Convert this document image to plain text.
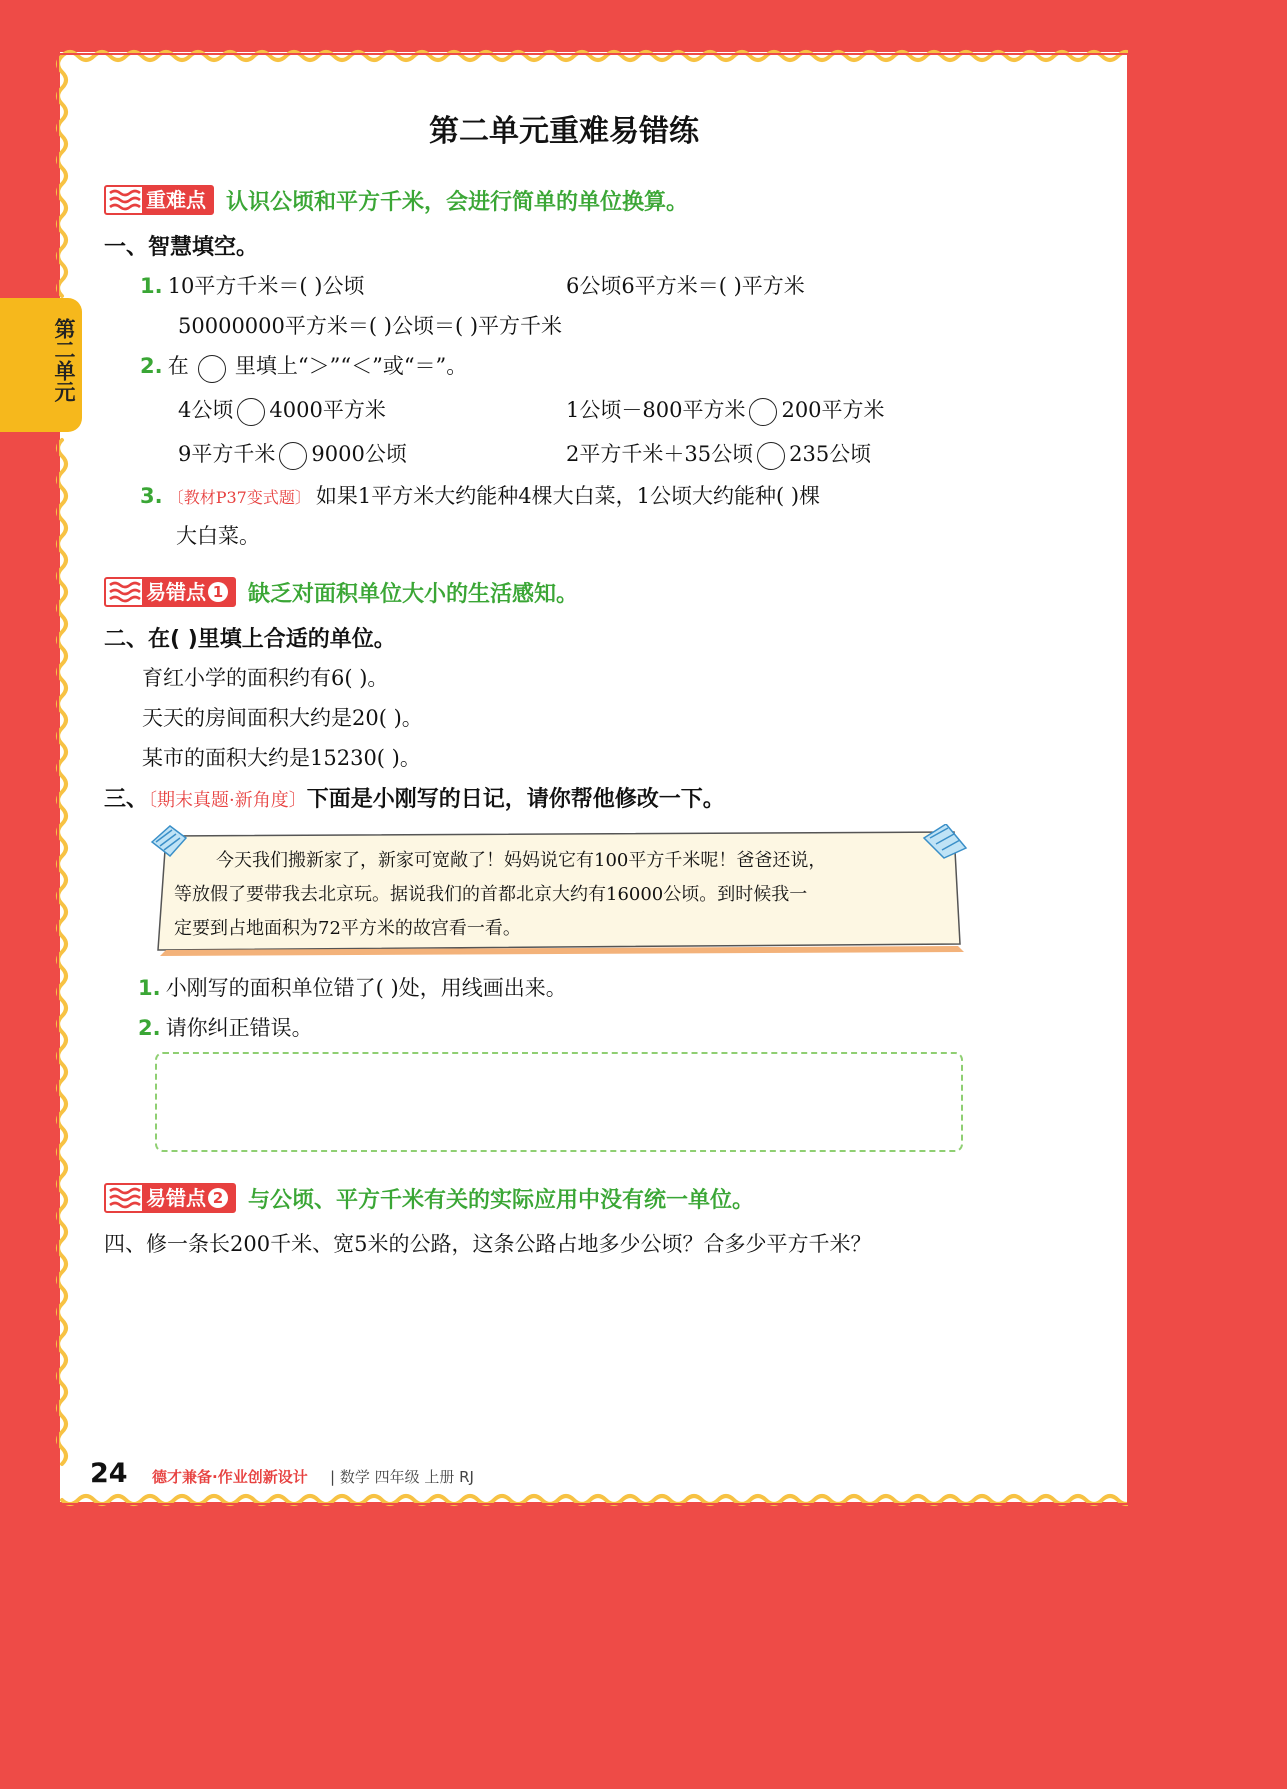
第二单元
第二单元重难易错练
重难点 认识公顷和平方千米，会进行简单的单位换算。
一、智慧填空。
1. 10平方千米＝( )公顷	6公顷6平方米＝( )平方米
50000000平方米＝( )公顷＝( )平方千米
2. 在 里填上“＞”“＜”或“＝”。
4公顷 4000平方米	1公顷－800平方米 200平方米
9平方千米 9000公顷	2平方千米＋35公顷 235公顷
3. 〔教材P37变式题〕 如果1平方米大约能种4棵大白菜，1公顷大约能种( )棵
大白菜。
易错点 1 缺乏对面积单位大小的生活感知。
二、在( )里填上合适的单位。
育红小学的面积约有6( )。
天天的房间面积大约是20( )。
某市的面积大约是15230( )。
三、〔期末真题·新角度〕下面是小刚写的日记，请你帮他修改一下。
今天我们搬新家了，新家可宽敞了！妈妈说它有100平方千米呢！爸爸还说，
等放假了要带我去北京玩。据说我们的首都北京大约有16000公顷。到时候我一
定要到占地面积为72平方米的故宫看一看。
1. 小刚写的面积单位错了( )处，用线画出来。
2. 请你纠正错误。
易错点 2 与公顷、平方千米有关的实际应用中没有统一单位。
四、修一条长200千米、宽5米的公路，这条公路占地多少公顷？合多少平方千米？
24 德才兼备·作业创新设计 | 数学 四年级 上册 RJ
